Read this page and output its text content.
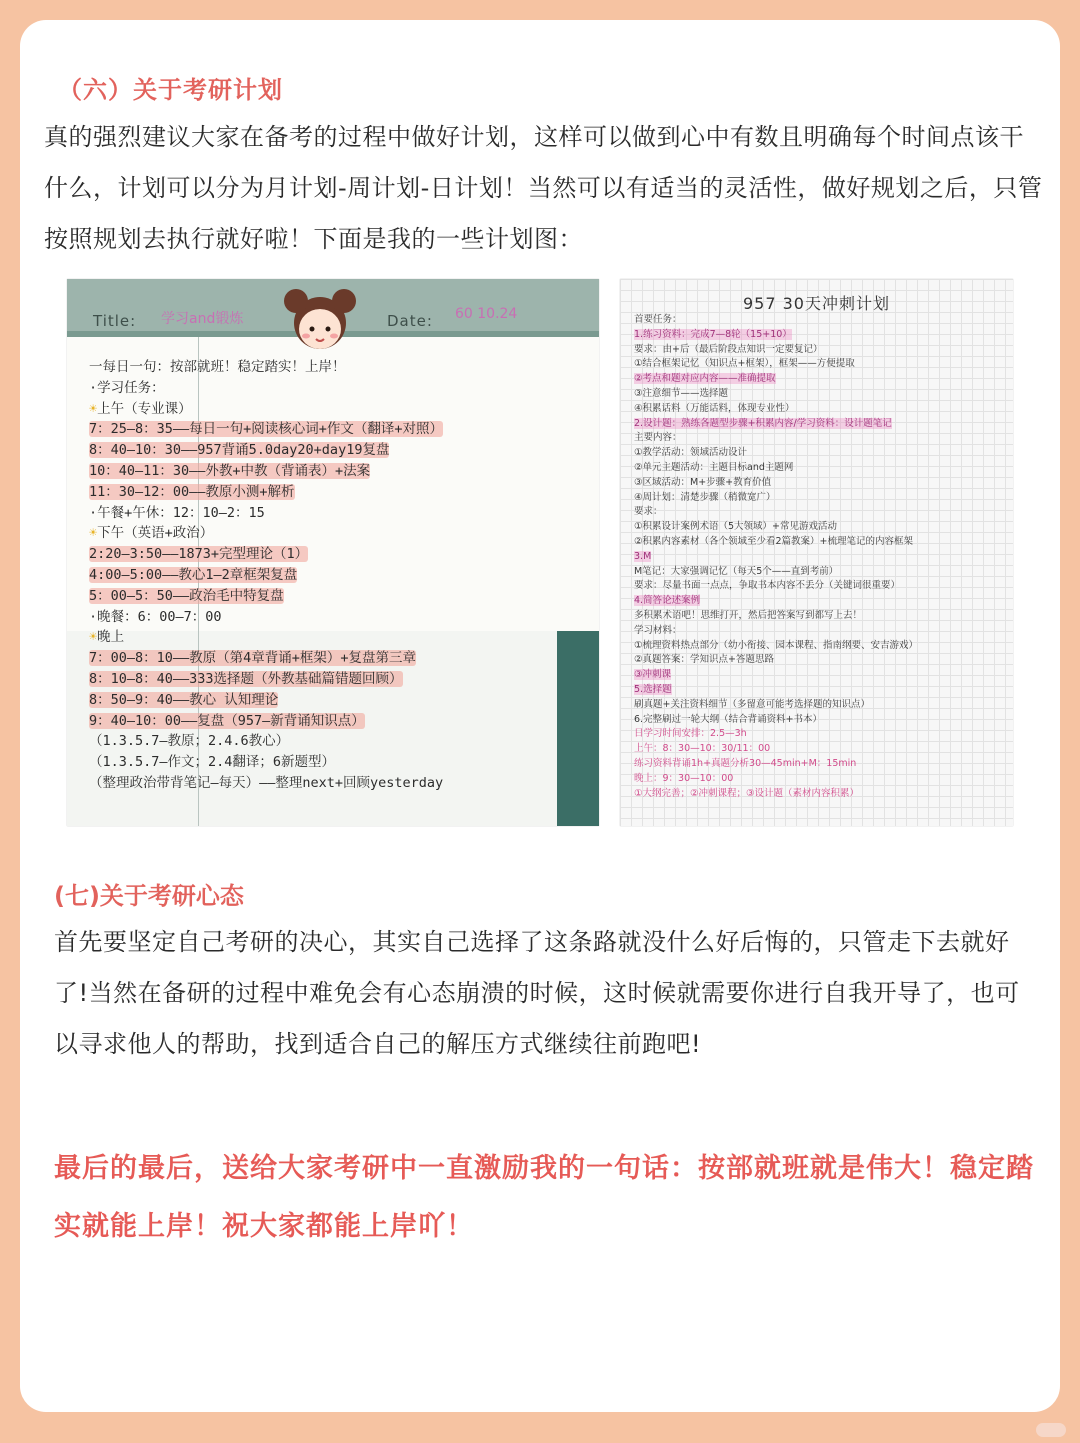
（六）关于考研计划
真的强烈建议大家在备考的过程中做好计划，这样可以做到心中有数且明确每个时间点该干什么，计划可以分为月计划-周计划-日计划！当然可以有适当的灵活性，做好规划之后，只管按照规划去执行就好啦！下面是我的一些计划图：
Title: 学习and锻炼	Date: 60 10.24
一每日一句：按部就班！稳定踏实！上岸！
·学习任务：
☀上午（专业课）
7：25—8：35——每日一句+阅读核心词+作文（翻译+对照）
8：40—10：30——957背诵5.0day20+day19复盘
10：40—11：30——外教+中教（背诵表）+法案
11：30—12：00——教原小测+解析
·午餐+午休：12：10—2：15
☀下午（英语+政治）
2:20—3:50——1873+完型理论（1）
4:00—5:00——教心1—2章框架复盘
5：00—5：50——政治毛中特复盘
·晚餐：6：00—7：00
☀晚上
7：00—8：10——教原（第4章背诵+框架）+复盘第三章
8：10—8：40——333选择题（外教基础篇错题回顾）
8：50—9：40——教心 认知理论
9：40—10：00——复盘（957—新背诵知识点）
（1.3.5.7—教原；2.4.6教心）
（1.3.5.7—作文；2.4翻译；6新题型）
（整理政治带背笔记—每天）——整理next+回顾yesterday
957 30天冲刺计划
首要任务：
1.练习资料：完成7—8轮（15+10）
要求：由+后（最后阶段点知识一定要复记）
①结合框架记忆（知识点+框架），框架——方便提取
②考点和题对应内容——准确提取
③注意细节——选择题
④积累话料（万能话料，体现专业性）
2.设计题：熟练各题型步骤+积累内容/学习资料：设计题笔记
主要内容：
①教学活动：领域活动设计
②单元主题活动：主题目标and主题网
③区域活动：M+步骤+教育价值
④周计划：清楚步骤（稍微宽广）
要求：
①积累设计案例术语（5大领域）+常见游戏活动
②积累内容素材（各个领域至少看2篇教案）+梳理笔记的内容框架
3.M
M笔记：大家强调记忆（每天5个——直到考前）
要求：尽量书面一点点，争取书本内容不丢分（关键词很重要）
4.简答论述案例
多积累术语吧！思维打开，然后把答案写到都写上去！
学习材料：
①梳理资料热点部分（幼小衔接、园本课程、指南纲要、安吉游戏）
②真题答案：学知识点+答题思路
③冲刺课
5.选择题
刷真题+关注资料细节（多留意可能考选择题的知识点）
6.完整刷过一轮大纲（结合背诵资料+书本）
日学习时间安排：2.5—3h
上午：8：30—10：30/11：00
练习资料背诵1h+真题分析30—45min+M：15min
晚上：9：30—10：00
①大纲完善；②冲刺课程；③设计题（素材内容积累）
(七)关于考研心态
首先要坚定自己考研的决心，其实自己选择了这条路就没什么好后悔的，只管走下去就好了!当然在备研的过程中难免会有心态崩溃的时候，这时候就需要你进行自我开导了，也可以寻求他人的帮助，找到适合自己的解压方式继续往前跑吧!
最后的最后，送给大家考研中一直激励我的一句话：按部就班就是伟大！稳定踏实就能上岸！祝大家都能上岸吖！
